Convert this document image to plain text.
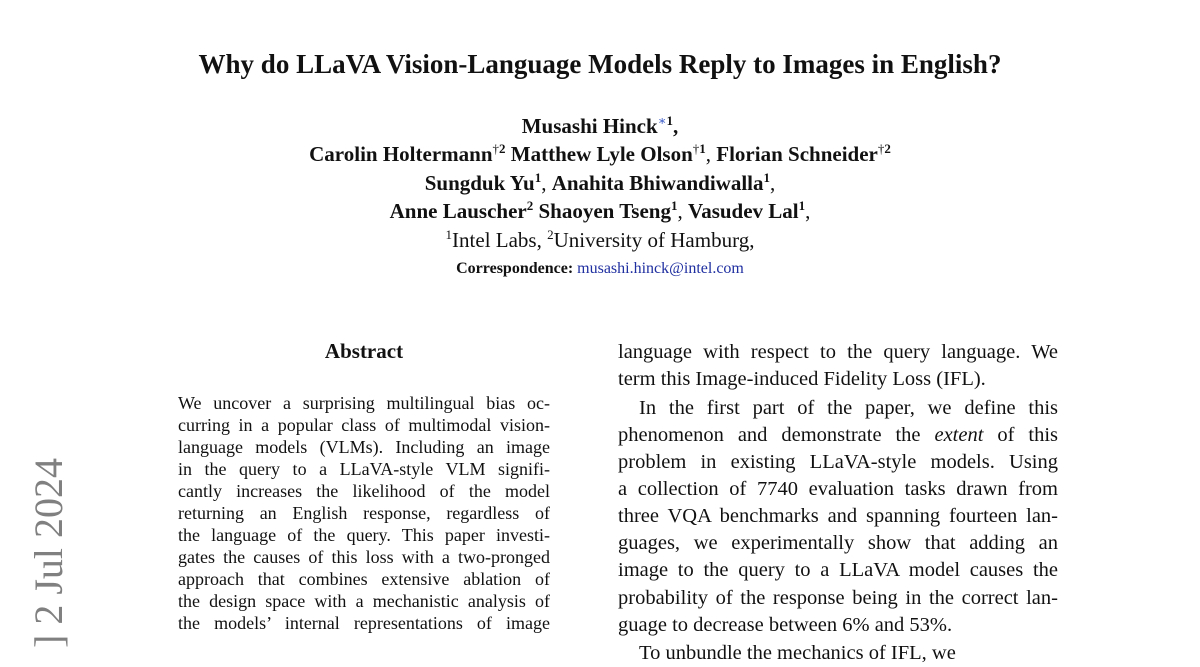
Why do LLaVA Vision-Language Models Reply to Images in English?
Musashi Hinck$^{∗1}$,
Carolin Holtermann$^{\dagger 2}$ Matthew Lyle Olson$^{\dagger 1}$, Florian Schneider$^{\dagger 2}$
Sungduk Yu$^1$, Anahita Bhiwandiwalla$^1$,
Anne Lauscher$^2$ Shaoyen Tseng$^1$, Vasudev Lal$^1$,
$^1$Intel Labs, $^2$University of Hamburg,
Correspondence: musashi.hinck@intel.com
Abstract
We uncover a surprising multilingual bias oc-
curring in a popular class of multimodal vision-
language models (VLMs). Including an image
in the query to a LLaVA-style VLM signifi-
cantly increases the likelihood of the model
returning an English response, regardless of
the language of the query. This paper investi-
gates the causes of this loss with a two-pronged
approach that combines extensive ablation of
the design space with a mechanistic analysis of
the models’ internal representations of image
language with respect to the query language. We
term this Image-induced Fidelity Loss (IFL).
In the first part of the paper, we define this
phenomenon and demonstrate the extent of this
problem in existing LLaVA-style models. Using
a collection of 7740 evaluation tasks drawn from
three VQA benchmarks and spanning fourteen lan-
guages, we experimentally show that adding an
image to the query to a LLaVA model causes the
probability of the response being in the correct lan-
guage to decrease between 6% and 53%.
To unbundle the mechanics of IFL, we
] 2 Jul 2024
